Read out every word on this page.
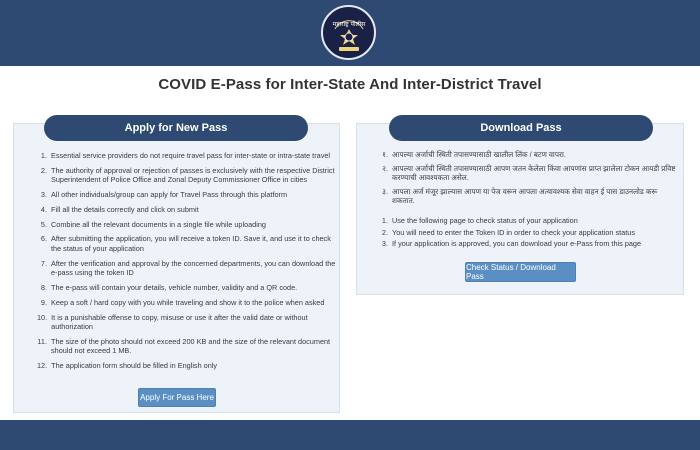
महाराष्ट्र पोलीस
COVID E-Pass for Inter-State And Inter-District Travel
Apply for New Pass
1. Essential service providers do not require travel pass for inter-state or intra-state travel
2. The authority of approval or rejection of passes is exclusively with the respective District Superintendent of Police Office and Zonal Deputy Commissioner Office in cities
3. All other individuals/group can apply for Travel Pass through this platform
4. Fill all the details correctly and click on submit
5. Combine all the relevant documents in a single file while uploading
6. After submitting the application, you will receive a token ID. Save it, and use it to check the status of your application
7. After the verification and approval by the concerned departments, you can download the e-pass using the token ID
8. The e-pass will contain your details, vehicle number, validity and a QR code.
9. Keep a soft / hard copy with you while traveling and show it to the police when asked
10. It is a punishable offense to copy, misuse or use it after the valid date or without authorization
11. The size of the photo should not exceed 200 KB and the size of the relevant document should not exceed 1 MB.
12. The application form should be filled in English only
Apply For Pass Here
Download Pass
१. आपल्या अर्जाची स्थिती तपासण्यासाठी खालील लिंक / बटण वापरा.
२. आपल्या अर्जाची स्थिती तपासण्यासाठी आपण जतन केलेला किंवा आपणांस प्राप्त झालेला टोकन आयडी प्रविष्ट करण्याची आवश्यकता असेल.
३. आपला अर्ज मंजूर झाल्यास आपण या पेज वरून आपला अत्यावश्यक सेवा वाहन ई पास डाउनलोड करू शकतात.
1. Use the following page to check status of your application
2. You will need to enter the Token ID in order to check your application status
3. If your application is approved, you can download your e-Pass from this page
Check Status / Download Pass
